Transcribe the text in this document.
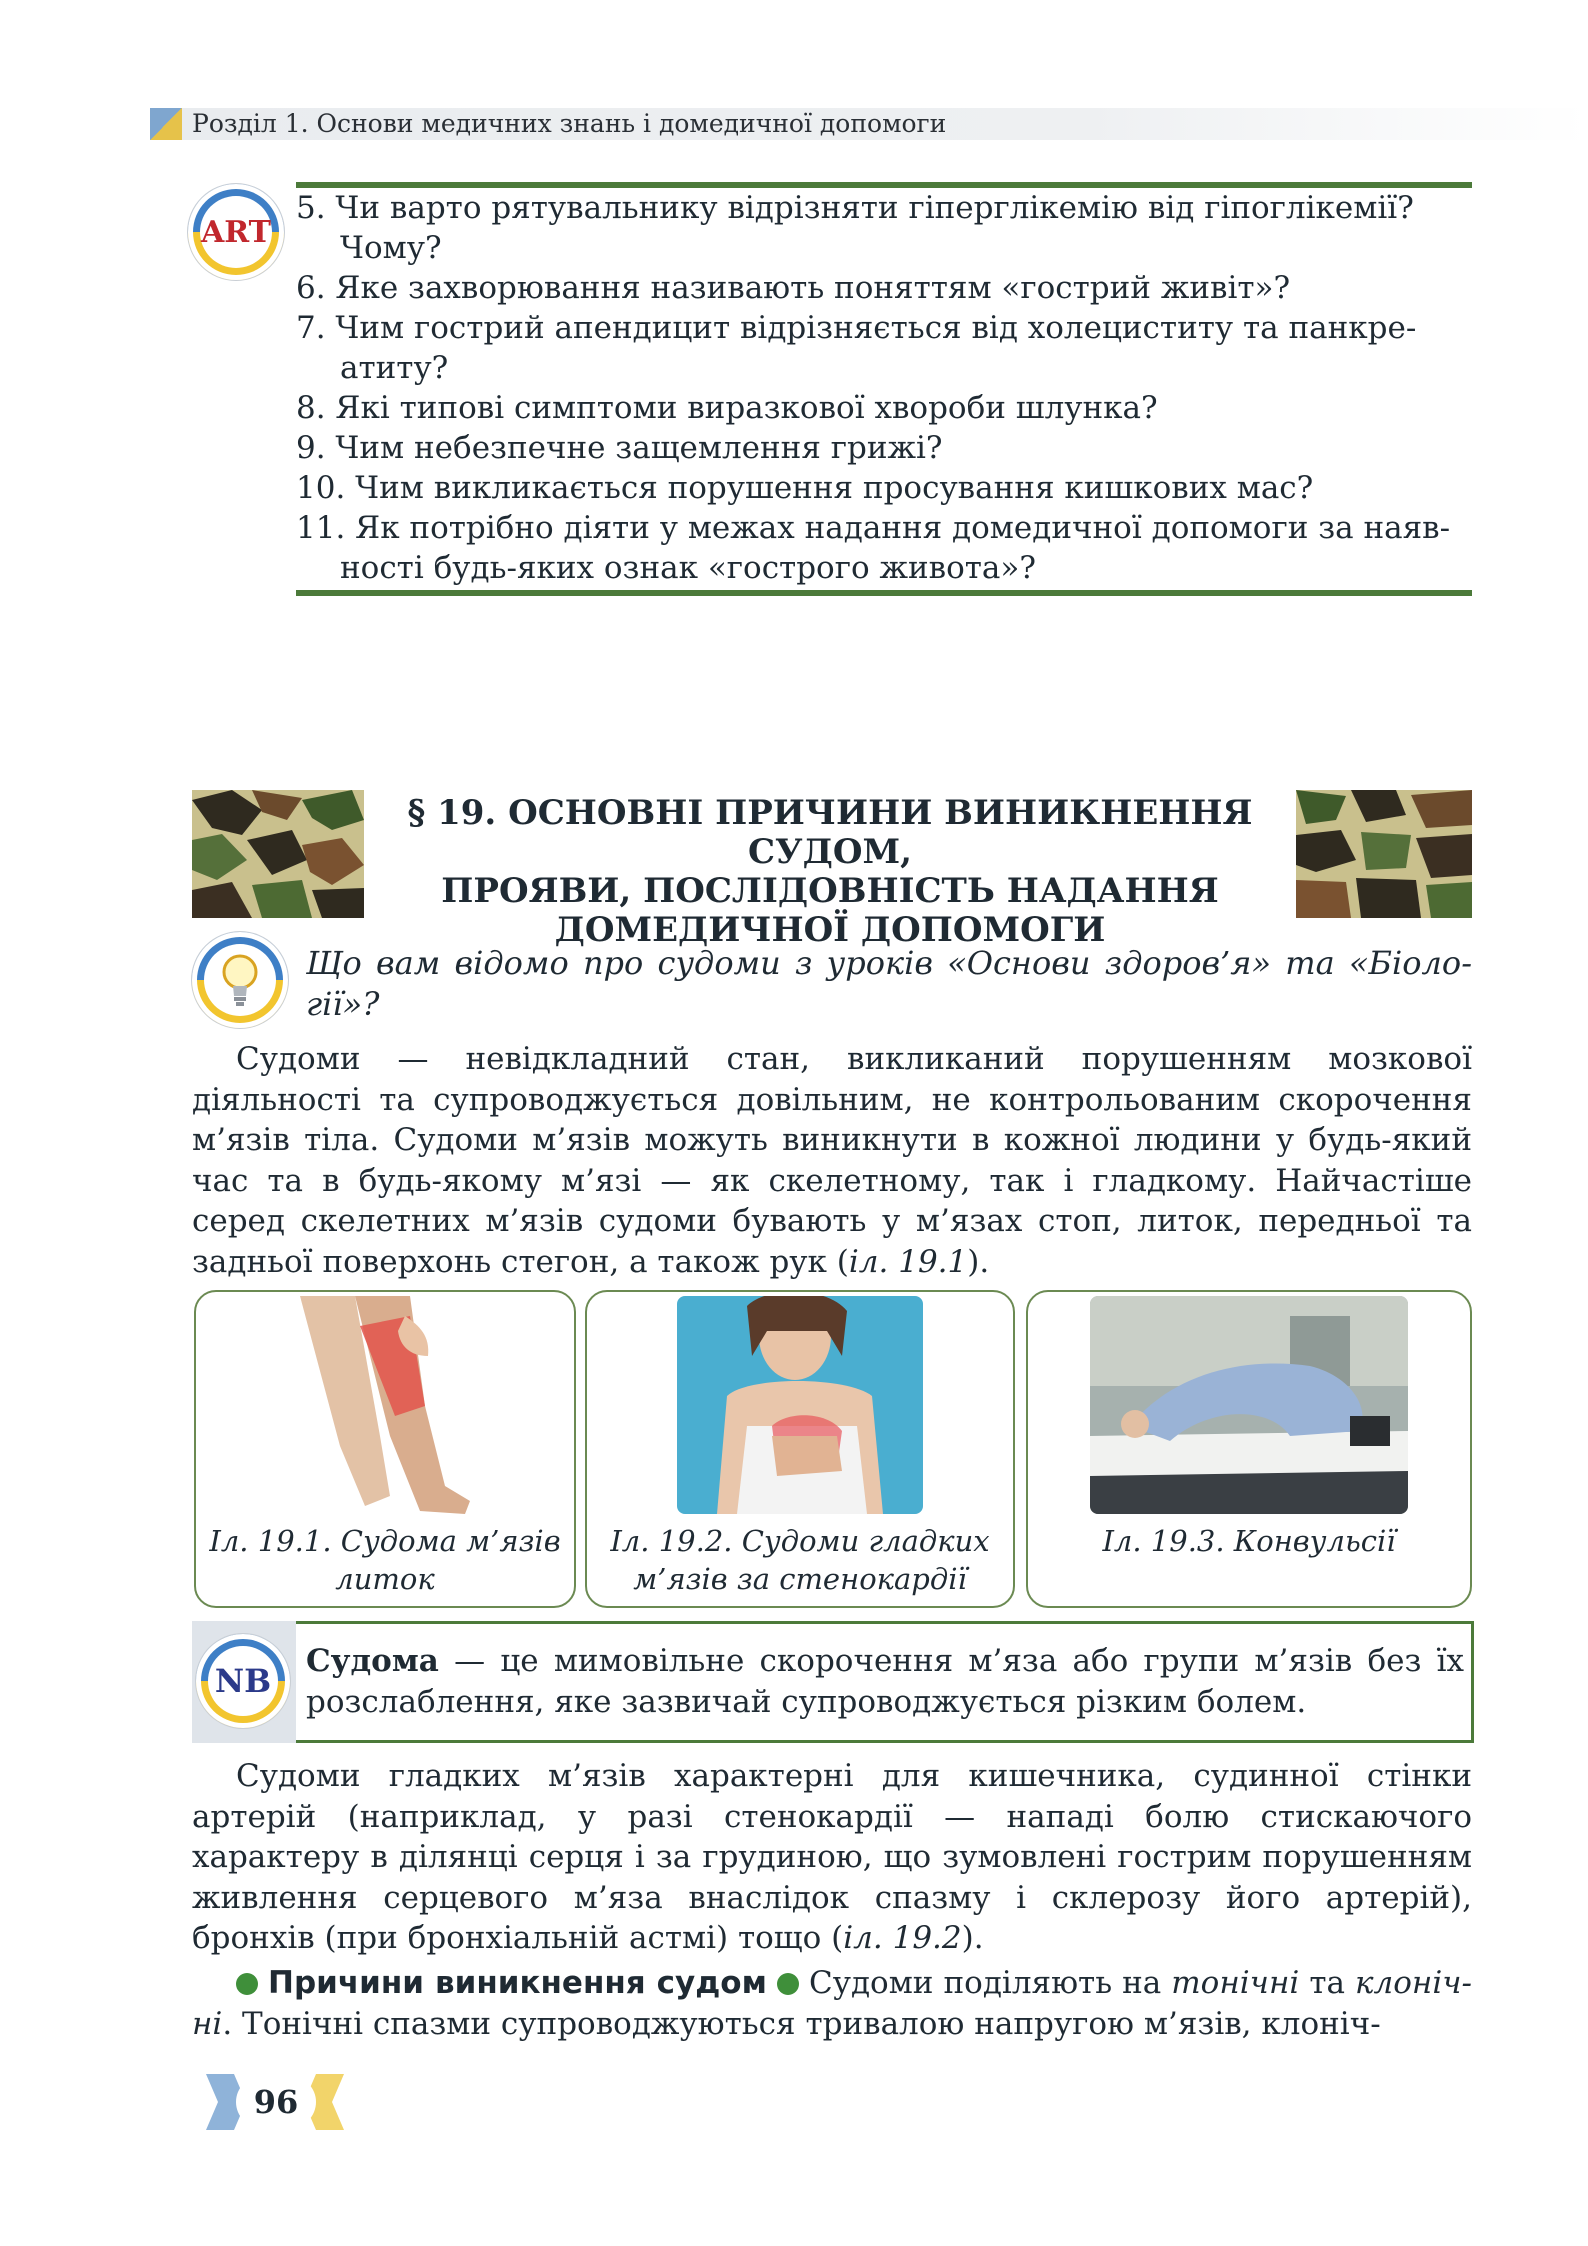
Розділ 1. Основи медичних знань і домедичної допомоги
ART
5. Чи варто рятувальнику відрізняти гіперглікемію від гіпоглікемії?
Чому?
6. Яке захворювання називають поняттям «гострий живіт»?
7. Чим гострий апендицит відрізняється від холециститу та панкре-
атиту?
8. Які типові симптоми виразкової хвороби шлунка?
9. Чим небезпечне защемлення грижі?
10. Чим викликається порушення просування кишкових мас?
11. Як потрібно діяти у межах надання домедичної допомоги за наяв-
ності будь-яких ознак «гострого живота»?
§ 19. ОСНОВНІ ПРИЧИНИ ВИНИКНЕННЯ СУДОМ,
ПРОЯВИ, ПОСЛІДОВНІСТЬ НАДАННЯ
ДОМЕДИЧНОЇ ДОПОМОГИ
Що вам відомо про судоми з уроків «Основи здоров’я» та «Біоло-гії»?
Судоми — невідкладний стан, викликаний порушенням мозкової діяльності та супроводжується довільним, не контрольованим скорочення м’язів тіла. Судоми м’язів можуть виникнути в кожної людини у будь-який час та в будь-якому м’язі — як скелетному, так і гладкому. Найчастіше серед скелетних м’язів судоми бувають у м’язах стоп, литок, передньої та задньої поверхонь стегон, а також рук (іл. 19.1).
Іл. 19.1. Судома м’язів
литок
Іл. 19.2. Судоми гладких
м’язів за стенокардії
Іл. 19.3. Конвульсії
NB
Судома — це мимовільне скорочення м’яза або групи м’язів без їх розслаблення, яке зазвичай супроводжується різким болем.
Судоми гладких м’язів характерні для кишечника, судинної стінки артерій (наприклад, у разі стенокардії — нападі болю стискаючого характеру в ділянці серця і за грудиною, що зумовлені гострим порушенням живлення серцевого м’яза внаслідок спазму і склерозу його артерій), бронхів (при бронхіальній астмі) тощо (іл. 19.2).
Причини виникнення судом  Судоми поділяють на тонічні та клоніч-ні. Тонічні спазми супроводжуються тривалою напругою м’язів, клоніч-
96
